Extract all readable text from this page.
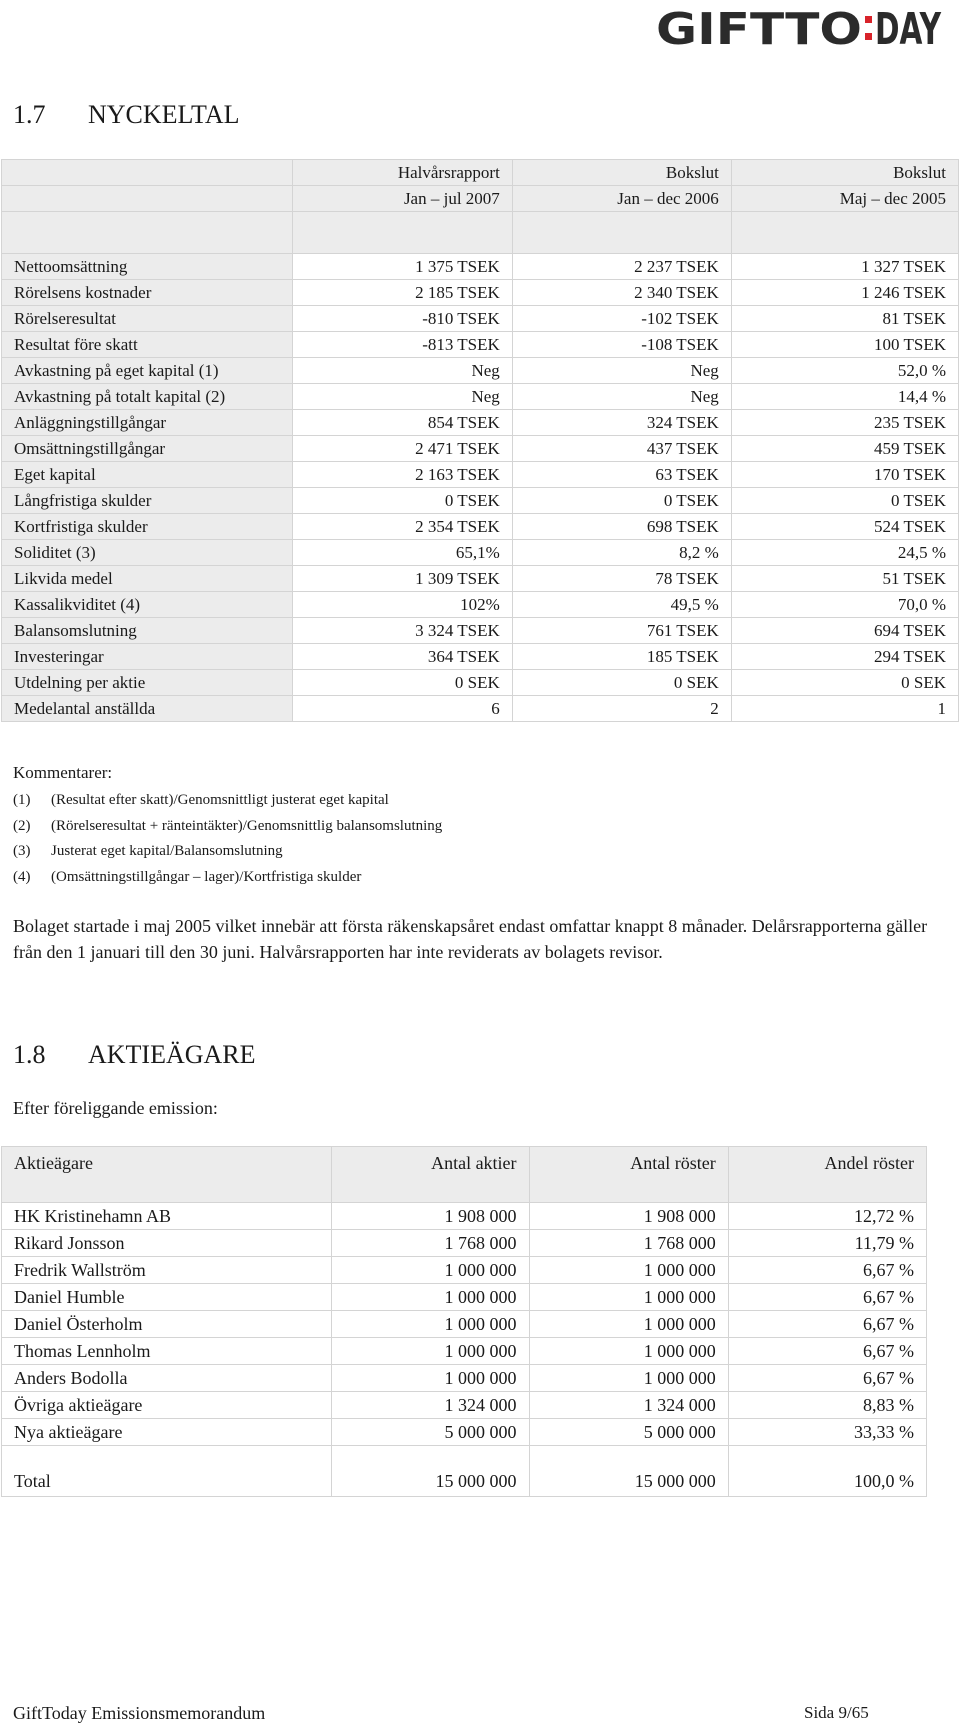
GIFTTO DAY
1.7 NYCKELTAL
	Halvårsrapport	Bokslut	Bokslut
	Jan – jul 2007	Jan – dec 2006	Maj – dec 2005

Nettoomsättning	1 375 TSEK	2 237 TSEK	1 327 TSEK
Rörelsens kostnader	2 185 TSEK	2 340 TSEK	1 246 TSEK
Rörelseresultat	-810 TSEK	-102 TSEK	81 TSEK
Resultat före skatt	-813 TSEK	-108 TSEK	100 TSEK
Avkastning på eget kapital (1)	Neg	Neg	52,0 %
Avkastning på totalt kapital (2)	Neg	Neg	14,4 %
Anläggningstillgångar	854 TSEK	324 TSEK	235 TSEK
Omsättningstillgångar	2 471 TSEK	437 TSEK	459 TSEK
Eget kapital	2 163 TSEK	63 TSEK	170 TSEK
Långfristiga skulder	0 TSEK	0 TSEK	0 TSEK
Kortfristiga skulder	2 354 TSEK	698 TSEK	524 TSEK
Soliditet (3)	65,1%	8,2 %	24,5 %
Likvida medel	1 309 TSEK	78 TSEK	51 TSEK
Kassalikviditet (4)	102%	49,5 %	70,0 %
Balansomslutning	3 324 TSEK	761 TSEK	694 TSEK
Investeringar	364 TSEK	185 TSEK	294 TSEK
Utdelning per aktie	0 SEK	0 SEK	0 SEK
Medelantal anställda	6	2	1
Kommentarer:
(1) (Resultat efter skatt)/Genomsnittligt justerat eget kapital
(2) (Rörelseresultat + ränteintäkter)/Genomsnittlig balansomslutning
(3) Justerat eget kapital/Balansomslutning
(4) (Omsättningstillgångar – lager)/Kortfristiga skulder

Bolaget startade i maj 2005 vilket innebär att första räkenskapsåret endast omfattar knappt 8 månader. Delårsrapporterna gäller från den 1 januari till den 30 juni. Halvårsrapporten har inte reviderats av bolagets revisor.

1.8 AKTIEÄGARE

Efter föreliggande emission:

Aktieägare	Antal aktier	Antal röster	Andel röster
HK Kristinehamn AB	1 908 000	1 908 000	12,72 %
Rikard Jonsson	1 768 000	1 768 000	11,79 %
Fredrik Wallström	1 000 000	1 000 000	6,67 %
Daniel Humble	1 000 000	1 000 000	6,67 %
Daniel Österholm	1 000 000	1 000 000	6,67 %
Thomas Lennholm	1 000 000	1 000 000	6,67 %
Anders Bodolla	1 000 000	1 000 000	6,67 %
Övriga aktieägare	1 324 000	1 324 000	8,83 %
Nya aktieägare	5 000 000	5 000 000	33,33 %
Total	15 000 000	15 000 000	100,0 %
GiftToday Emissionsmemorandum	Sida 9/65
